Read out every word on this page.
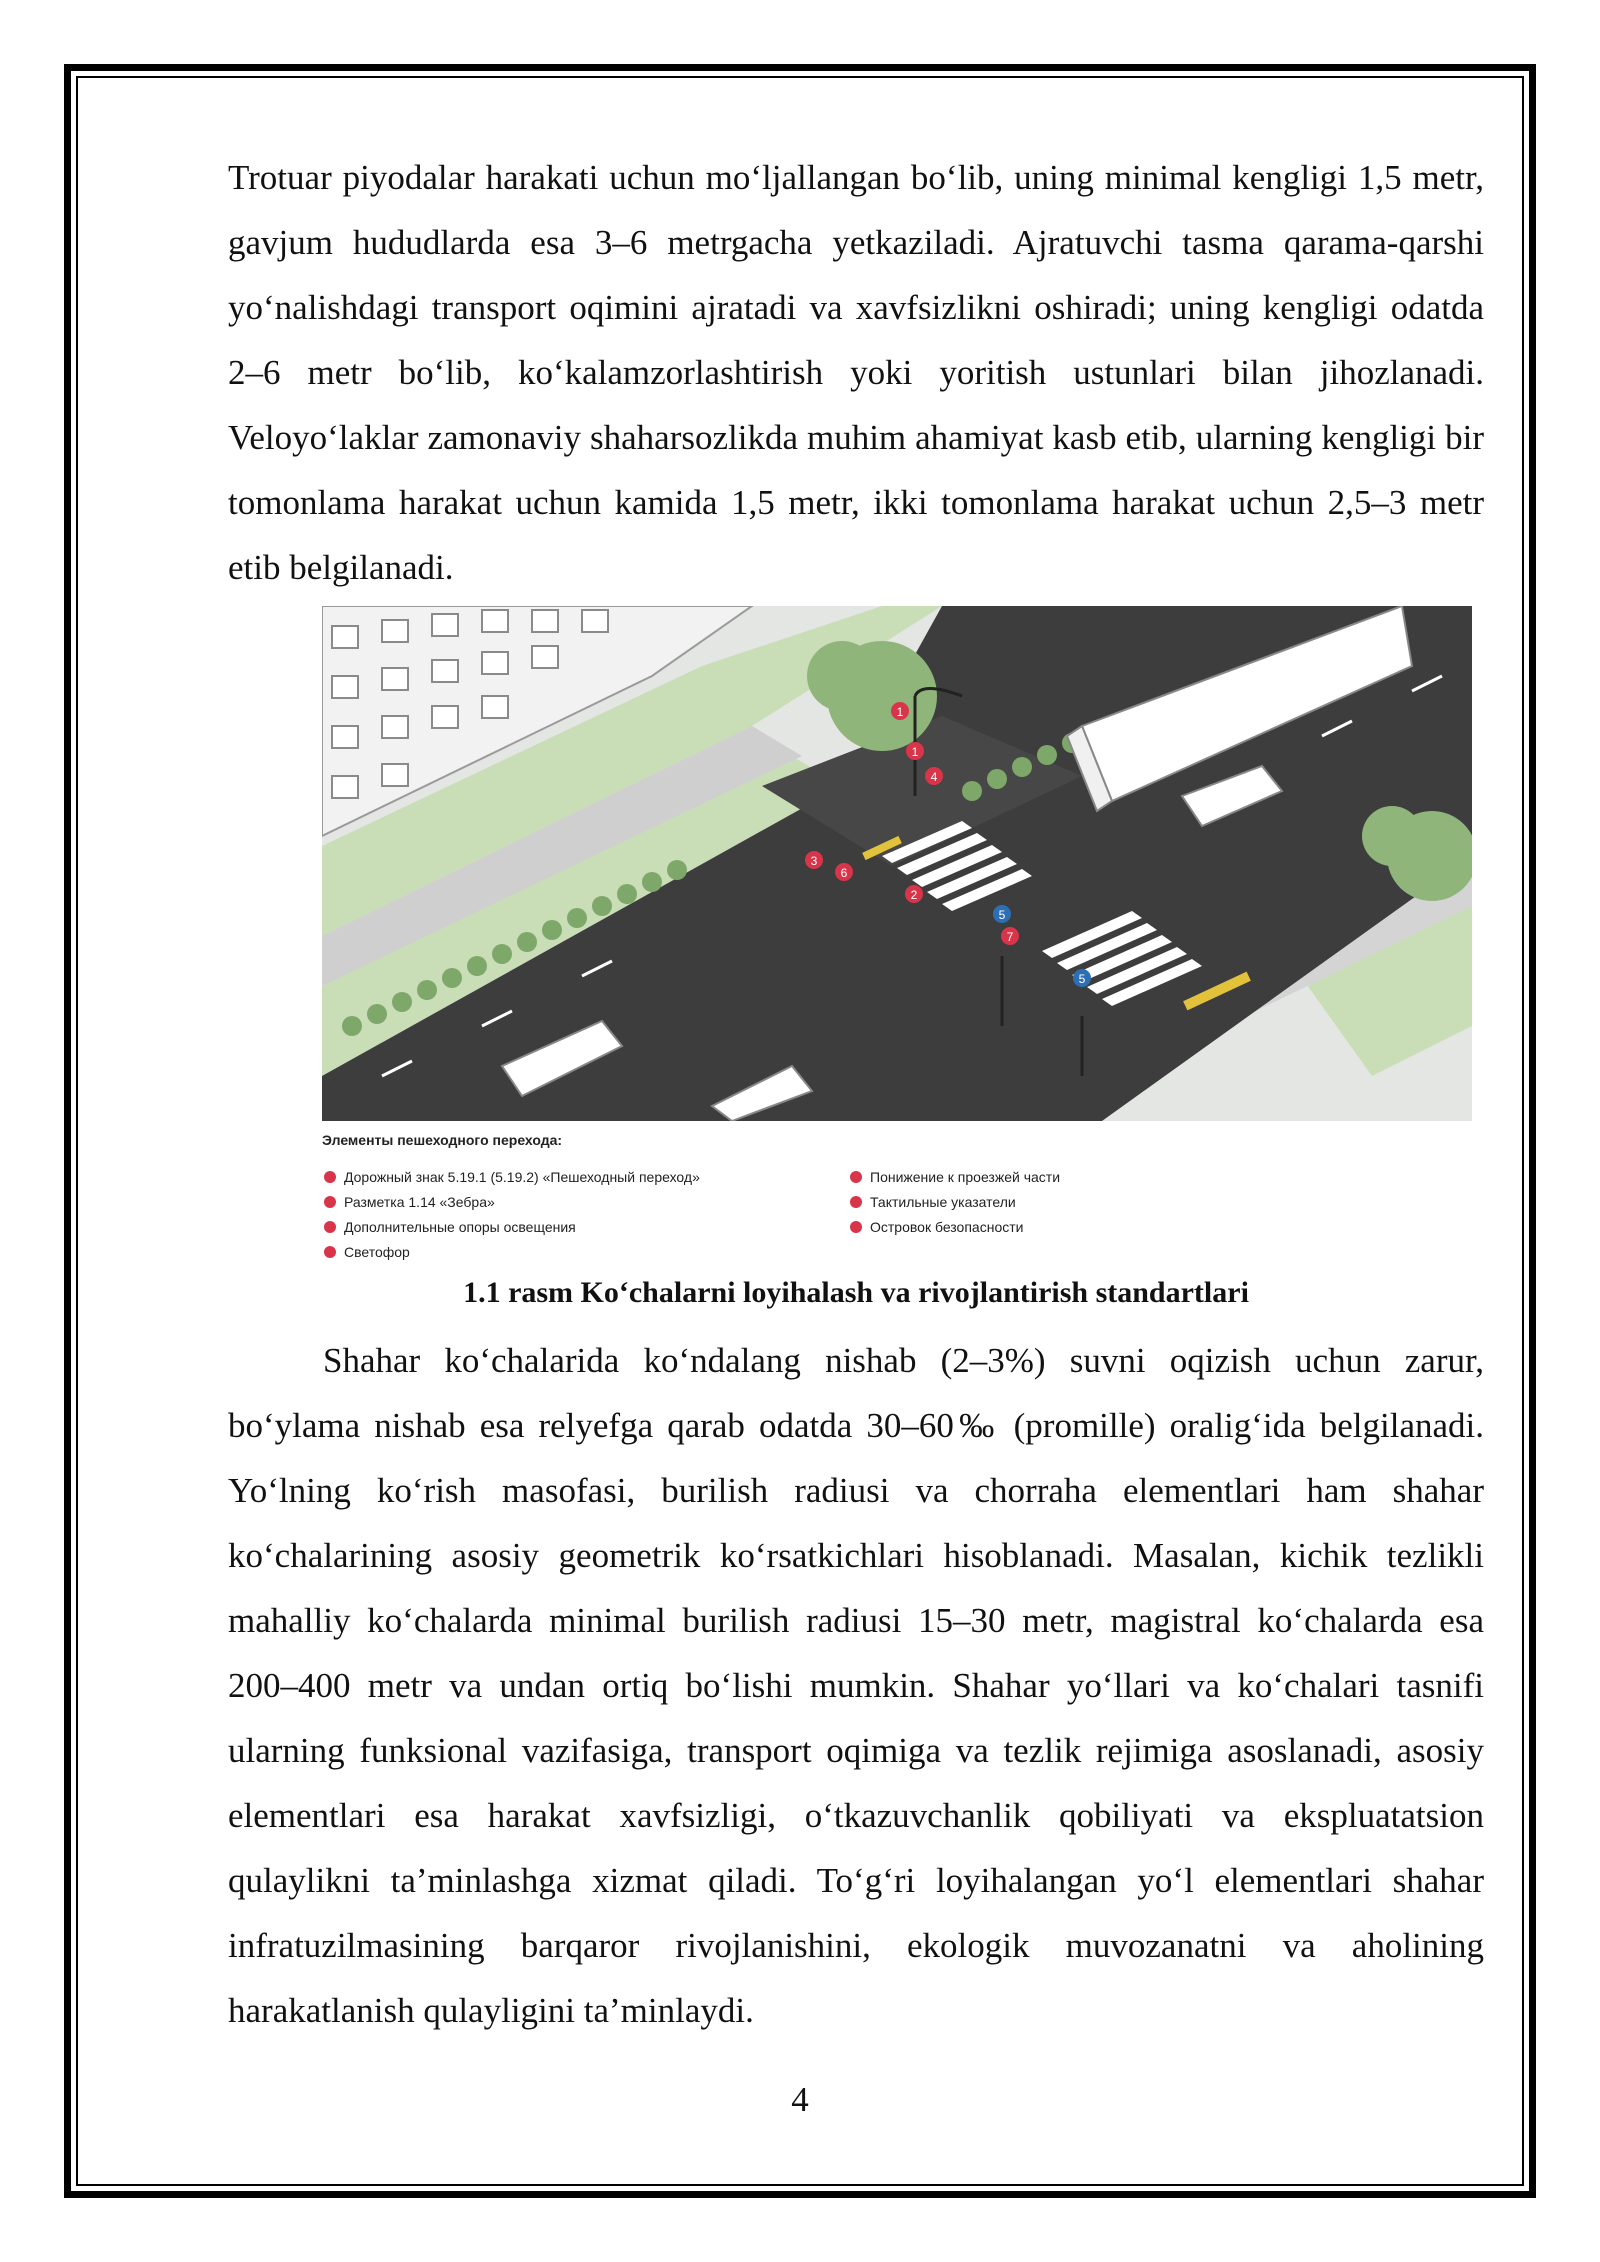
Trotuar piyodalar harakati uchun mo‘ljallangan bo‘lib, uning minimal kengligi 1,5 metr, gavjum hududlarda esa 3–6 metrgacha yetkaziladi. Ajratuvchi tasma qarama-qarshi yo‘nalishdagi transport oqimini ajratadi va xavfsizlikni oshiradi; uning kengligi odatda 2–6 metr bo‘lib, ko‘kalamzorlashtirish yoki yoritish ustunlari bilan jihozlanadi. Veloyo‘laklar zamonaviy shaharsozlikda muhim ahamiyat kasb etib, ularning kengligi bir tomonlama harakat uchun kamida 1,5 metr, ikki tomonlama harakat uchun 2,5–3 metr etib belgilanadi.

1
1
4
3
6
2
5
7
5
Элементы пешеходного перехода:
Дорожный знак 5.19.1 (5.19.2) «Пешеходный переход»
Разметка 1.14 «Зебра»
Дополнительные опоры освещения
Светофор
Понижение к проезжей части
Тактильные указатели
Островок безопасности

1.1 rasm Ko‘chalarni loyihalash va rivojlantirish standartlari

Shahar ko‘chalarida ko‘ndalang nishab (2–3%) suvni oqizish uchun zarur, bo‘ylama nishab esa relyefga qarab odatda 30–60‰ (promille) oralig‘ida belgilanadi. Yo‘lning ko‘rish masofasi, burilish radiusi va chorraha elementlari ham shahar ko‘chalarining asosiy geometrik ko‘rsatkichlari hisoblanadi. Masalan, kichik tezlikli mahalliy ko‘chalarda minimal burilish radiusi 15–30 metr, magistral ko‘chalarda esa 200–400 metr va undan ortiq bo‘lishi mumkin. Shahar yo‘llari va ko‘chalari tasnifi ularning funksional vazifasiga, transport oqimiga va tezlik rejimiga asoslanadi, asosiy elementlari esa harakat xavfsizligi, o‘tkazuvchanlik qobiliyati va ekspluatatsion qulaylikni ta’minlashga xizmat qiladi. To‘g‘ri loyihalangan yo‘l elementlari shahar infratuzilmasining barqaror rivojlanishini, ekologik muvozanatni va aholining harakatlanish qulayligini ta’minlaydi.

4
